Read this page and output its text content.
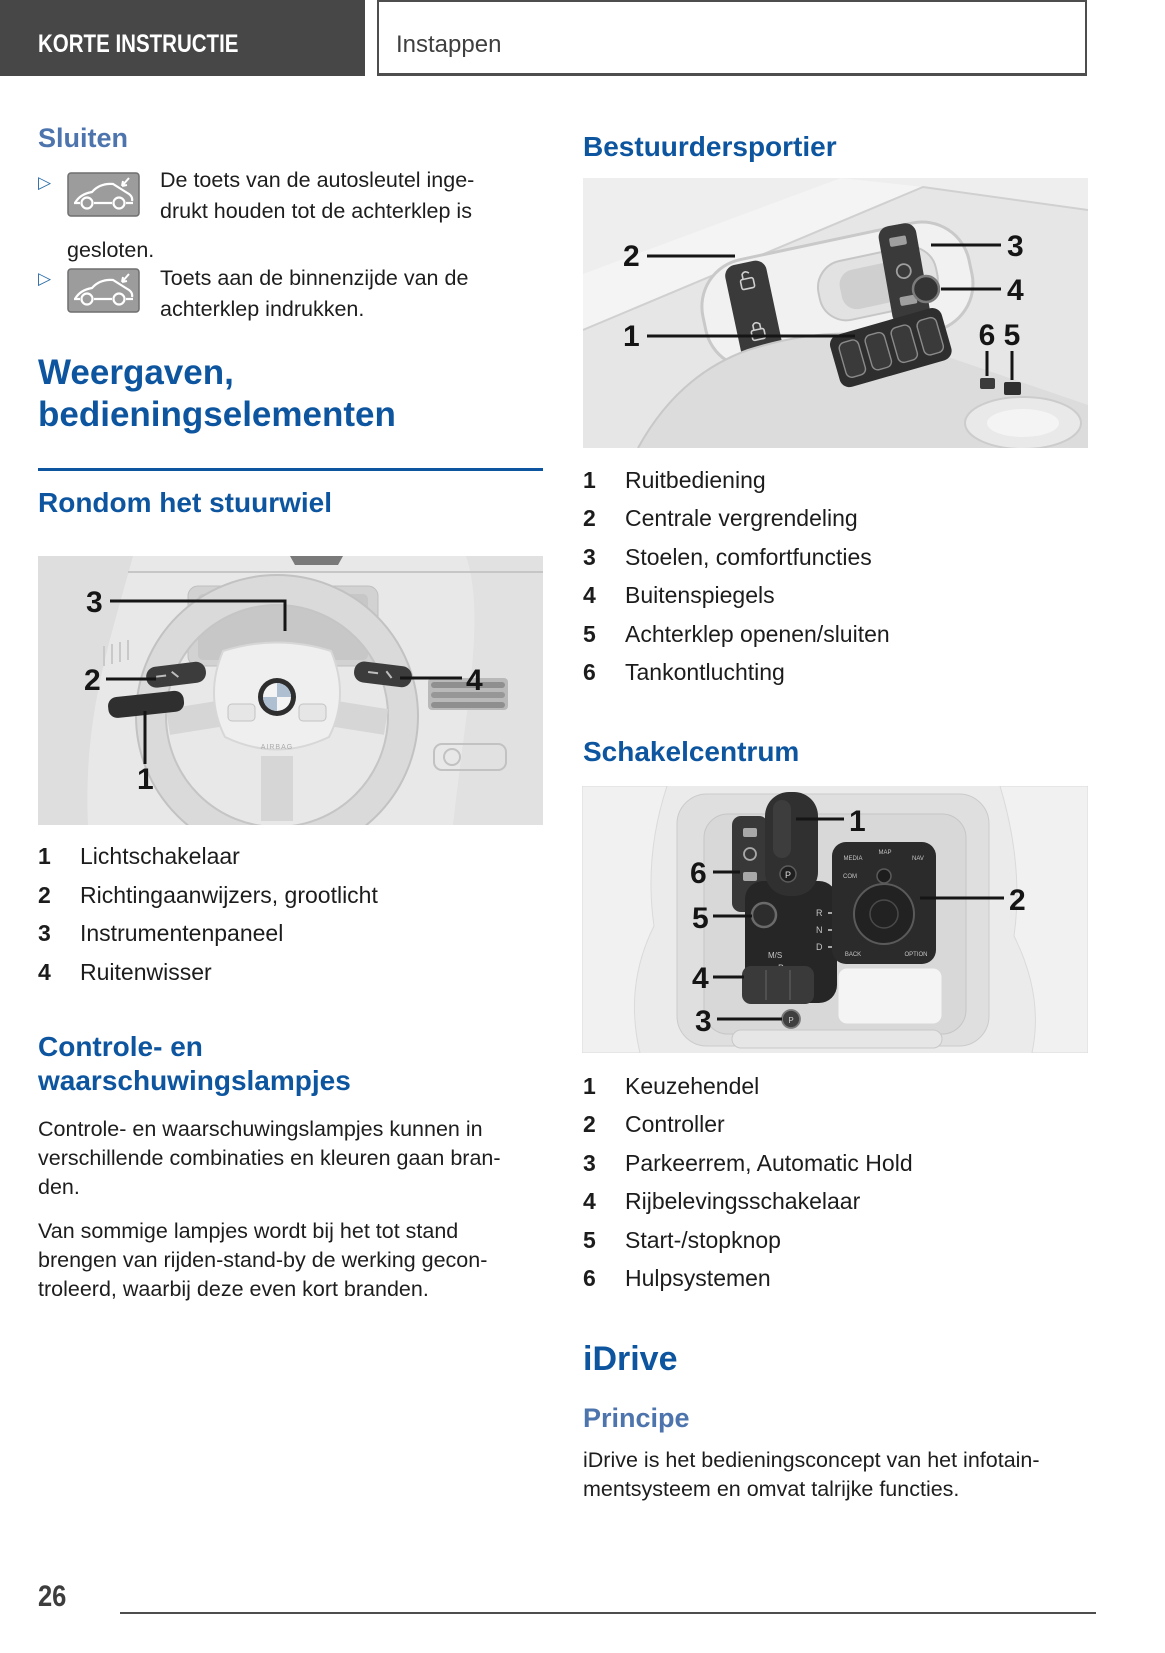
KORTE INSTRUCTIE	Instappen
Sluiten
▷	De toets van de autosleutel inge-
drukt houden tot de achterklep is
gesloten.
▷	Toets aan de binnenzijde van de
achterklep indrukken.
Weergaven,
bedieningselementen
Rondom het stuurwiel
AIRBAG
3
2	4
1
1 Lichtschakelaar
2 Richtingaanwijzers, grootlicht
3 Instrumentenpaneel
4 Ruitenwisser
Controle- en
waarschuwingslampjes
Controle- en waarschuwingslampjes kunnen in
verschillende combinaties en kleuren gaan bran-
den.
Van sommige lampjes wordt bij het tot stand
brengen van rijden-stand-by de werking gecon-
troleerd, waarbij deze even kort branden.
Bestuurdersportier
2	3
4
1	6 5
1 Ruitbediening
2 Centrale vergrendeling
3 Stoelen, comfortfuncties
4 Buitenspiegels
5 Achterklep openen/sluiten
6 Tankontluchting
Schakelcentrum
P
R
N
D
M/S
MEDIA
MAP
NAV
COM
BACK	OPTION
P
1
2
6
5
4
3
1 Keuzehendel
2 Controller
3 Parkeerrem, Automatic Hold
4 Rijbelevingsschakelaar
5 Start-/stopknop
6 Hulpsystemen
iDrive
Principe
iDrive is het bedieningsconcept van het infotain-
mentsysteem en omvat talrijke functies.
26
